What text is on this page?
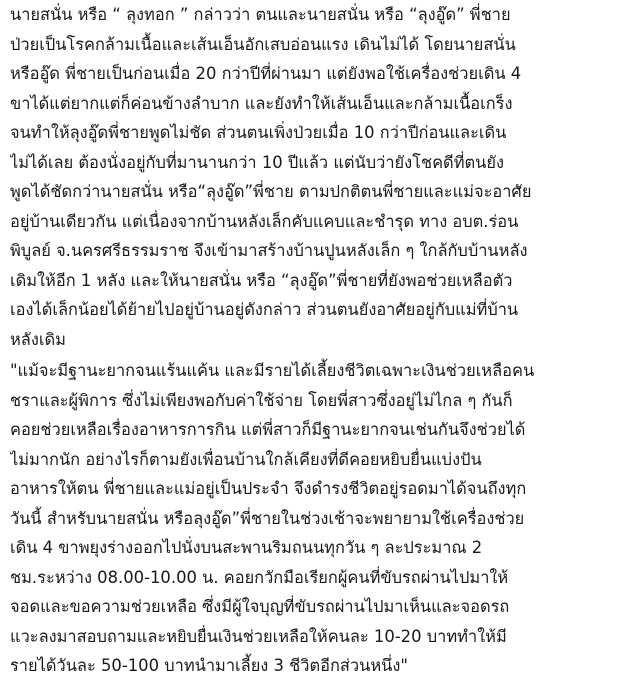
นายสนั่น หรือ “ ลุงทอก ” กล่าวว่า ตนและนายสนั่น หรือ “ลุงอู๊ด” พี่ชาย
ป่วยเป็นโรคกล้ามเนื้อและเส้นเอ็นอักเสบอ่อนแรง เดินไม่ได้ โดยนายสนั่น
หรืออู๊ด พี่ชายเป็นก่อนเมื่อ 20 กว่าปีที่ผ่านมา แต่ยังพอใช้เครื่องช่วยเดิน 4
ขาได้แต่ยากแต่ก็ค่อนข้างลำบาก และยังทำให้เส้นเอ็นและกล้ามเนื้อเกร็ง
จนทำให้ลุงอู๊ดพี่ชายพูดไม่ชัด ส่วนตนเพิ่งป่วยเมื่อ 10 กว่าปีก่อนและเดิน
ไม่ได้เลย ต้องนั่งอยู่กับที่มานานกว่า 10 ปีแล้ว แต่นับว่ายังโชคดีที่ตนยัง
พูดได้ชัดกว่านายสนั่น หรือ“ลุงอู๊ด”พี่ชาย ตามปกติตนพี่ชายและแม่จะอาศัย
อยู่บ้านเดียวกัน แต่เนื่องจากบ้านหลังเล็กคับแคบและชำรุด ทาง อบต.ร่อน
พิบูลย์ จ.นครศรีธรรมราช จึงเข้ามาสร้างบ้านปูนหลังเล็ก ๆ ใกล้กับบ้านหลัง
เดิมให้อีก 1 หลัง และให้นายสนั่น หรือ “ลุงอู๊ด”พี่ชายที่ยังพอช่วยเหลือตัว
เองได้เล็กน้อยได้ย้ายไปอยู่บ้านอยู่ดังกล่าว ส่วนตนยังอาศัยอยู่กับแม่ที่บ้าน
หลังเดิม

"แม้จะมีฐานะยากจนแร้นแค้น และมีรายได้เลี้ยงชีวิตเฉพาะเงินช่วยเหลือคน
ชราและผู้พิการ ซึ่งไม่เพียงพอกับค่าใช้จ่าย โดยพี่สาวซึ่งอยู่ไม่ไกล ๆ กันก็
คอยช่วยเหลือเรื่องอาหารการกิน แต่พี่สาวก็มีฐานะยากจนเช่นกันจึงช่วยได้
ไม่มากนัก อย่างไรก็ตามยังเพื่อนบ้านใกล้เคียงที่ดีคอยหยิบยื่นแบ่งปัน
อาหารให้ตน พี่ชายและแม่อยู่เป็นประจำ จึงดำรงชีวิตอยู่รอดมาได้จนถึงทุก
วันนี้ สำหรับนายสนั่น หรือลุงอู๊ด”พี่ชายในช่วงเช้าจะพยายามใช้เครื่องช่วย
เดิน 4 ขาพยุงร่างออกไปนั่งบนสะพานริมถนนทุกวัน ๆ ละประมาณ 2
ชม.ระหว่าง 08.00-10.00 น. คอยกวักมือเรียกผู้คนที่ขับรถผ่านไปมาให้
จอดและขอความช่วยเหลือ ซึ่งมีผู้ใจบุญที่ขับรถผ่านไปมาเห็นและจอดรถ
แวะลงมาสอบถามและหยิบยื่นเงินช่วยเหลือให้คนละ 10-20 บาททำให้มี
รายได้วันละ 50-100 บาทนำมาเลี้ยง 3 ชีวิตอีกส่วนหนึ่ง"
